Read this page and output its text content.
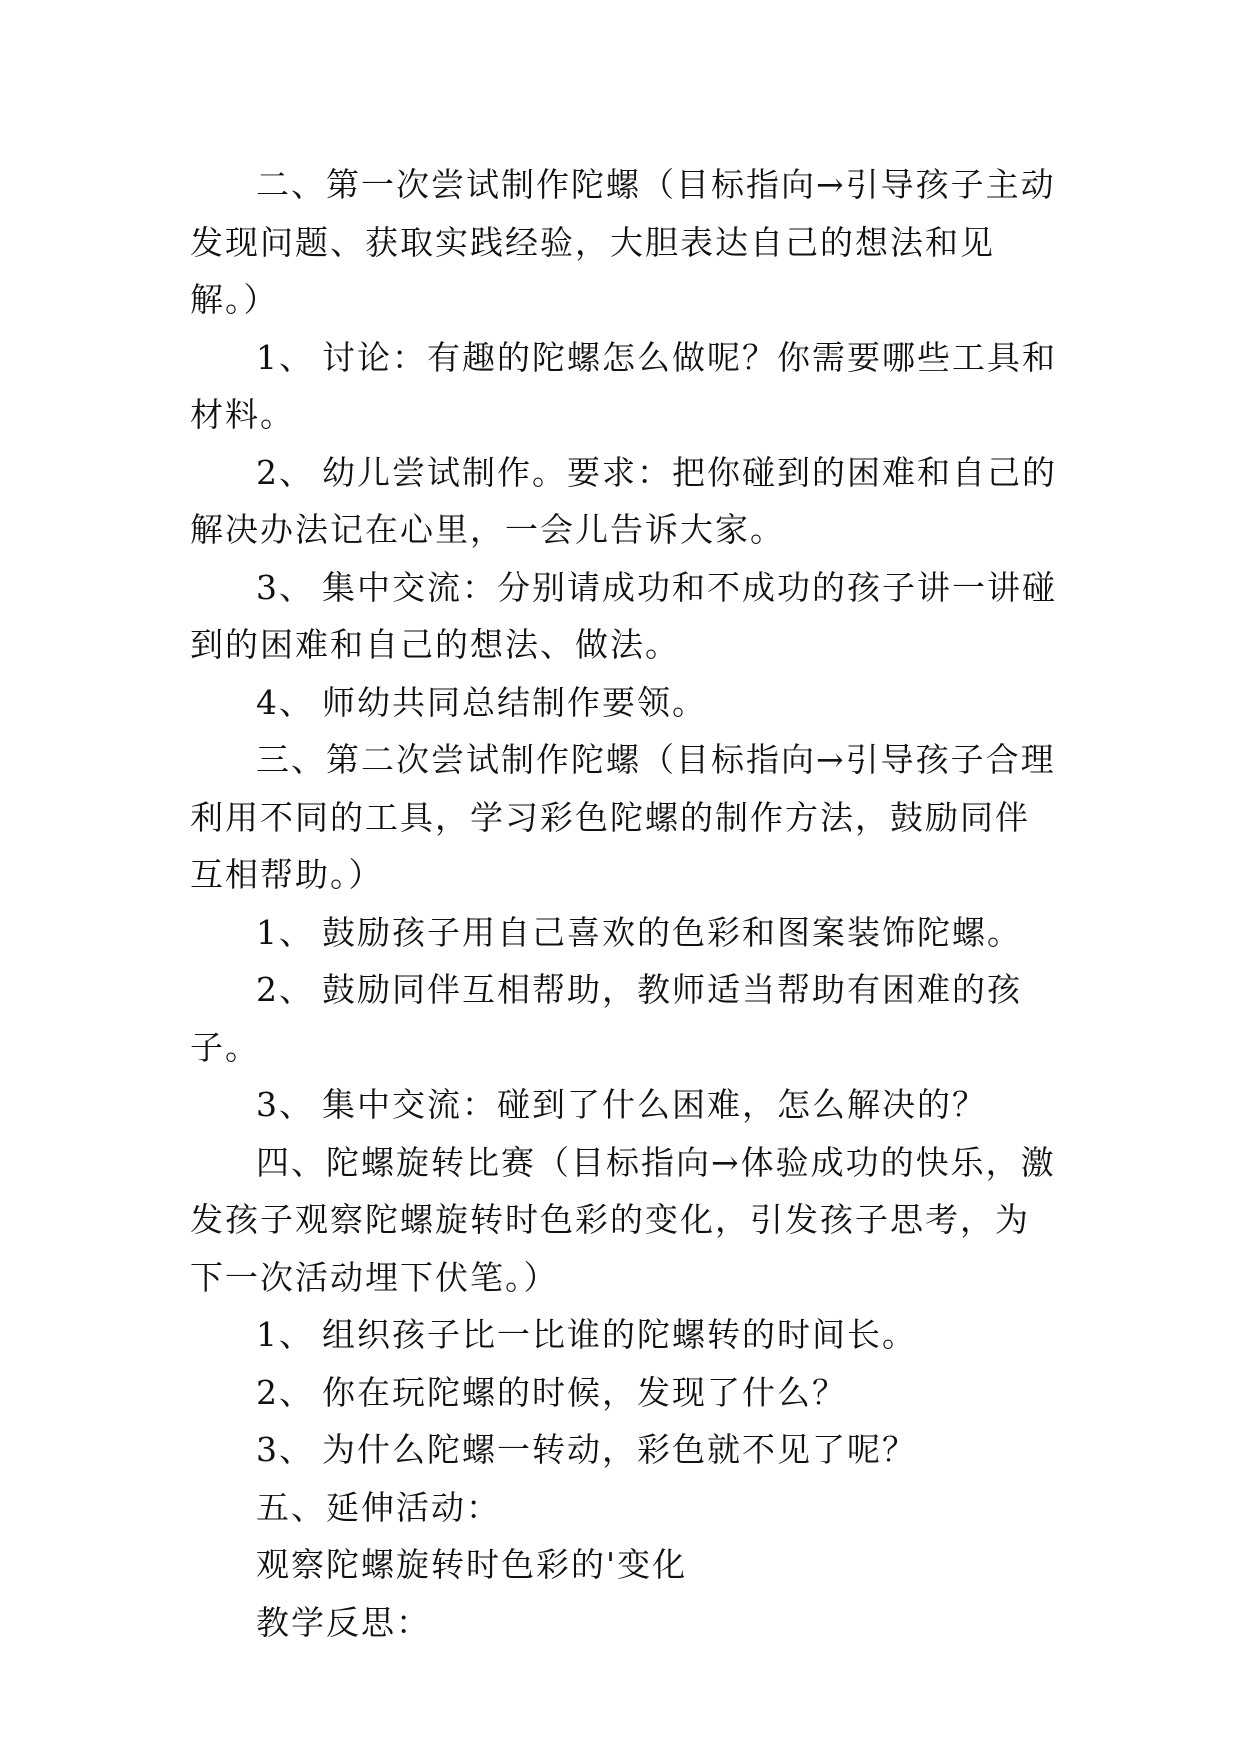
二、第一次尝试制作陀螺（目标指向→引导孩子主动发现问题、获取实践经验，大胆表达自己的想法和见解。）

1、 讨论：有趣的陀螺怎么做呢？你需要哪些工具和材料。

2、 幼儿尝试制作。要求：把你碰到的困难和自己的解决办法记在心里，一会儿告诉大家。

3、 集中交流：分别请成功和不成功的孩子讲一讲碰到的困难和自己的想法、做法。

4、 师幼共同总结制作要领。

三、第二次尝试制作陀螺（目标指向→引导孩子合理利用不同的工具，学习彩色陀螺的制作方法，鼓励同伴互相帮助。）

1、 鼓励孩子用自己喜欢的色彩和图案装饰陀螺。

2、 鼓励同伴互相帮助，教师适当帮助有困难的孩子。

3、 集中交流：碰到了什么困难，怎么解决的？

四、陀螺旋转比赛（目标指向→体验成功的快乐，激发孩子观察陀螺旋转时色彩的变化，引发孩子思考，为下一次活动埋下伏笔。）

1、 组织孩子比一比谁的陀螺转的时间长。

2、 你在玩陀螺的时候，发现了什么？

3、 为什么陀螺一转动，彩色就不见了呢？

五、延伸活动：

观察陀螺旋转时色彩的'变化

教学反思：
